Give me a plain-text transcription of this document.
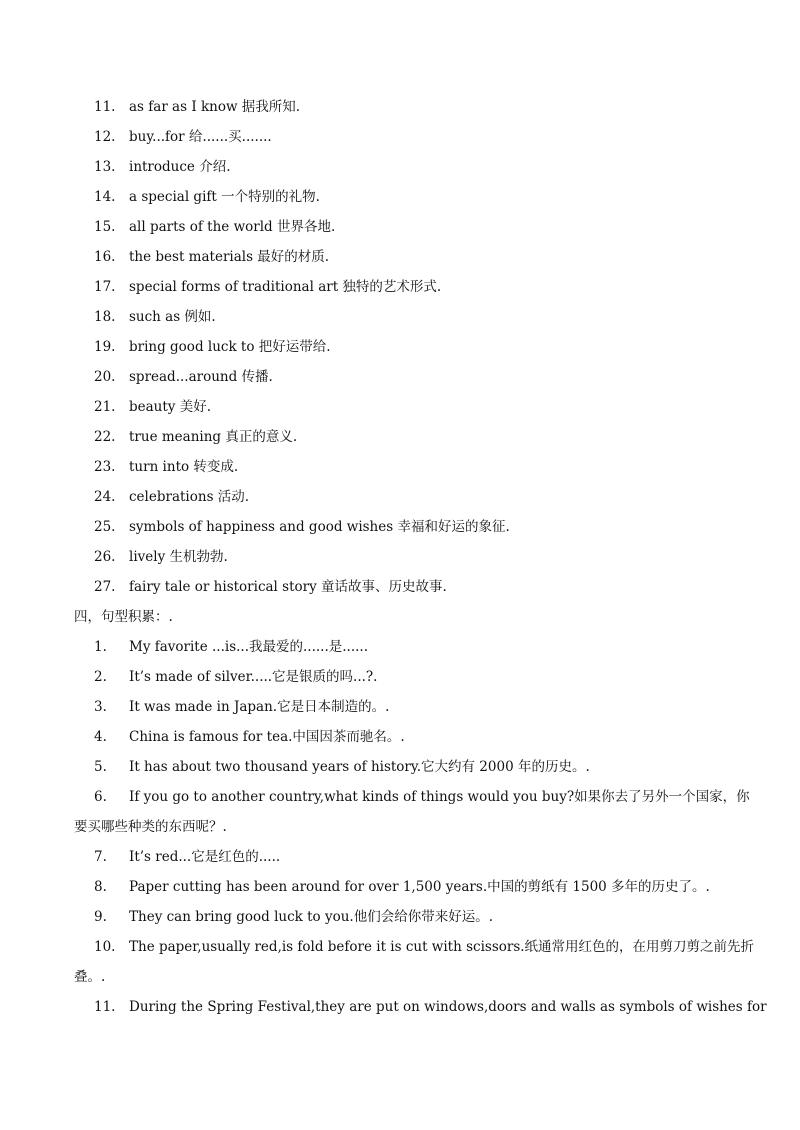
11. as far as I know 据我所知.
12. buy...for 给......买.......
13. introduce 介绍.
14. a special gift 一个特别的礼物.
15. all parts of the world 世界各地.
16. the best materials 最好的材质.
17. special forms of traditional art 独特的艺术形式.
18. such as 例如.
19. bring good luck to 把好运带给.
20. spread...around 传播.
21. beauty 美好.
22. true meaning 真正的意义.
23. turn into 转变成.
24. celebrations 活动.
25. symbols of happiness and good wishes 幸福和好运的象征.
26. lively 生机勃勃.
27. fairy tale or historical story 童话故事、历史故事.
四，句型积累：.
1. My favorite ...is...我最爱的......是......
2. It’s made of silver.....它是银质的吗...?.
3. It was made in Japan.它是日本制造的。.
4. China is famous for tea.中国因茶而驰名。.
5. It has about two thousand years of history.它大约有 2000 年的历史。.
6. If you go to another country,what kinds of things would you buy?如果你去了另外一个国家，你
要买哪些种类的东西呢？.
7. It’s red...它是红色的.....
8. Paper cutting has been around for over 1,500 years.中国的剪纸有 1500 多年的历史了。.
9. They can bring good luck to you.他们会给你带来好运。.
10. The paper,usually red,is fold before it is cut with scissors.纸通常用红色的，在用剪刀剪之前先折
叠。.
11. During the Spring Festival,they are put on windows,doors and walls as symbols of wishes for
